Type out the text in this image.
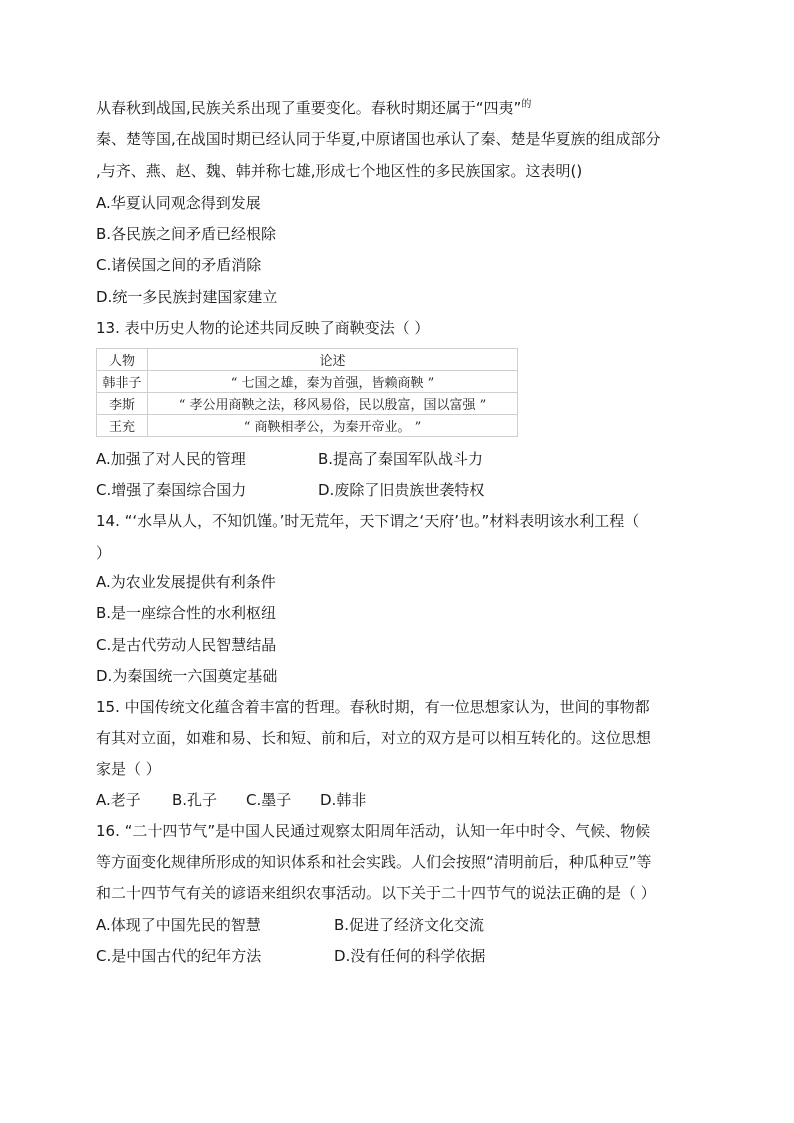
从春秋到战国,民族关系出现了重要变化。春秋时期还属于“四夷”$^的$
秦、楚等国,在战国时期已经认同于华夏,中原诸国也承认了秦、楚是华夏族的组成部分
,与齐、燕、赵、魏、韩并称七雄,形成七个地区性的多民族国家。这表明()
A.华夏认同观念得到发展
B.各民族之间矛盾已经根除
C.诸侯国之间的矛盾消除
D.统一多民族封建国家建立
13. 表中历史人物的论述共同反映了商鞅变法（ ）
人物	论述
韩非子	“ 七国之雄，秦为首强，皆赖商鞅 ”
李斯	“ 孝公用商鞅之法，移风易俗，民以殷富，国以富强 ”
王充	“ 商鞅相孝公，为秦开帝业。 ”
A.加强了对人民的管理	B.提高了秦国军队战斗力
C.增强了秦国综合国力	D.废除了旧贵族世袭特权
14. “‘水旱从人，不知饥馑。’时无荒年，天下谓之‘天府’也。”材料表明该水利工程（
）
A.为农业发展提供有利条件
B.是一座综合性的水利枢纽
C.是古代劳动人民智慧结晶
D.为秦国统一六国奠定基础
15. 中国传统文化蕴含着丰富的哲理。春秋时期，有一位思想家认为，世间的事物都
有其对立面，如难和易、长和短、前和后，对立的双方是可以相互转化的。这位思想
家是（ ）
A.老子 B.孔子 C.墨子 D.韩非
16. “二十四节气”是中国人民通过观察太阳周年活动，认知一年中时令、气候、物候
等方面变化规律所形成的知识体系和社会实践。人们会按照“清明前后，种瓜种豆”等
和二十四节气有关的谚语来组织农事活动。以下关于二十四节气的说法正确的是（ ）
A.体现了中国先民的智慧	B.促进了经济文化交流
C.是中国古代的纪年方法	D.没有任何的科学依据
